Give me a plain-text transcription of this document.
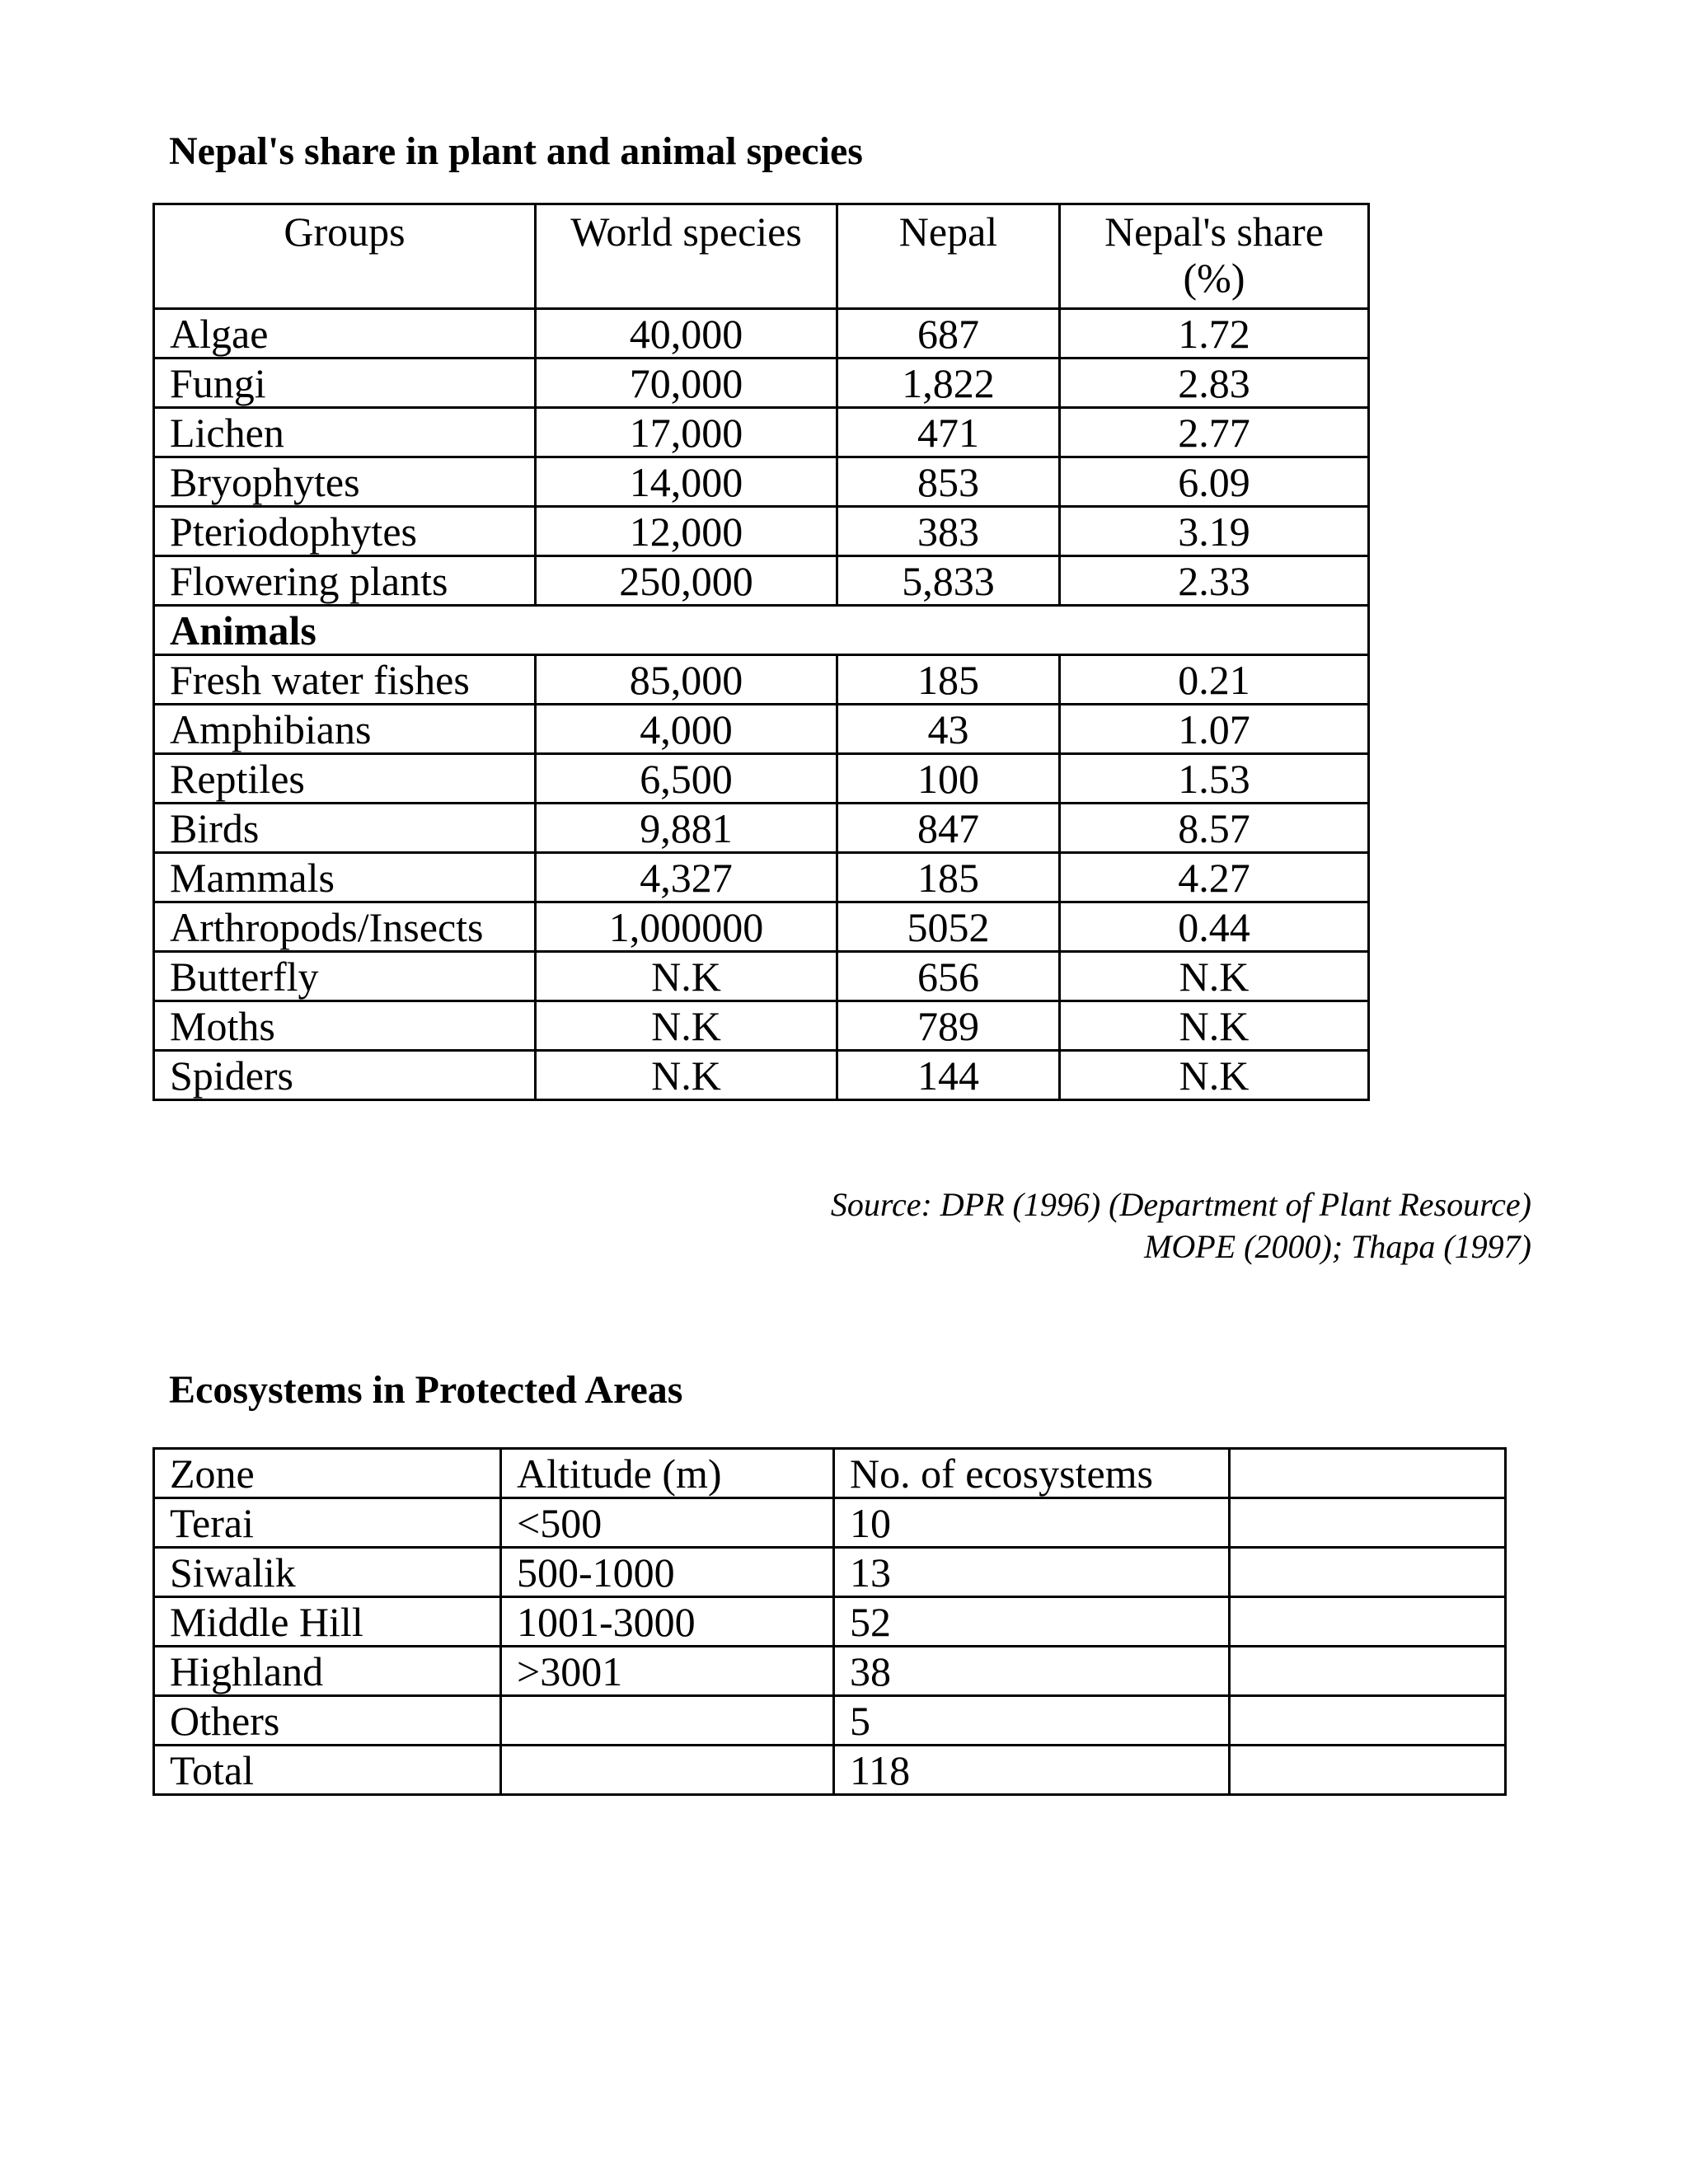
Nepal's share in plant and animal species
Groups	World species	Nepal	Nepal's share (%)
Algae	40,000	687	1.72
Fungi	70,000	1,822	2.83
Lichen	17,000	471	2.77
Bryophytes	14,000	853	6.09
Pteriodophytes	12,000	383	3.19
Flowering plants	250,000	5,833	2.33
Animals			
Fresh water fishes	85,000	185	0.21
Amphibians	4,000	43	1.07
Reptiles	6,500	100	1.53
Birds	9,881	847	8.57
Mammals	4,327	185	4.27
Arthropods/Insects	1,000000	5052	0.44
Butterfly	N.K	656	N.K
Moths	N.K	789	N.K
Spiders	N.K	144	N.K
Source: DPR (1996) (Department of Plant Resource)
MOPE (2000); Thapa (1997)
Ecosystems in Protected Areas
Zone	Altitude (m)	No. of ecosystems	
Terai	<500	10	
Siwalik	500-1000	13	
Middle Hill	1001-3000	52	
Highland	>3001	38	
Others		5	
Total		118	
